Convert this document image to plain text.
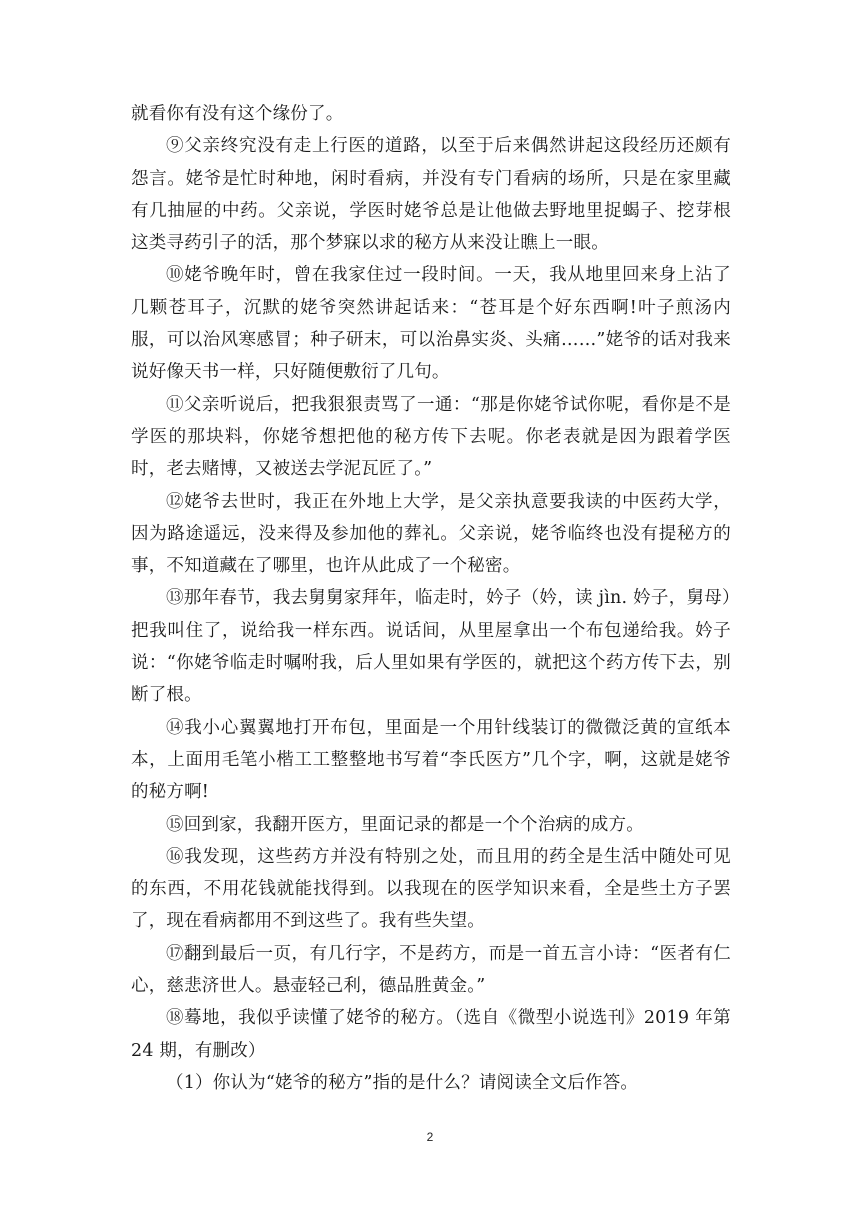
就看你有没有这个缘份了。

⑨父亲终究没有走上行医的道路，以至于后来偶然讲起这段经历还颇有怨言。姥爷是忙时种地，闲时看病，并没有专门看病的场所，只是在家里藏有几抽屉的中药。父亲说，学医时姥爷总是让他做去野地里捉蝎子、挖芽根这类寻药引子的活，那个梦寐以求的秘方从来没让瞧上一眼。

⑩姥爷晚年时，曾在我家住过一段时间。一天，我从地里回来身上沾了几颗苍耳子，沉默的姥爷突然讲起话来：“苍耳是个好东西啊!叶子煎汤内服，可以治风寒感冒；种子研末，可以治鼻实炎、头痛……”姥爷的话对我来说好像天书一样，只好随便敷衍了几句。

⑪父亲听说后，把我狠狠责骂了一通：“那是你姥爷试你呢，看你是不是学医的那块料，你姥爷想把他的秘方传下去呢。你老表就是因为跟着学医时，老去赌博，又被送去学泥瓦匠了。”

⑫姥爷去世时，我正在外地上大学，是父亲执意要我读的中医药大学，因为路途遥远，没来得及参加他的葬礼。父亲说，姥爷临终也没有提秘方的事，不知道藏在了哪里，也许从此成了一个秘密。

⑬那年春节，我去舅舅家拜年，临走时，妗子（妗，读 jìn. 妗子，舅母）把我叫住了，说给我一样东西。说话间，从里屋拿出一个布包递给我。妗子说：“你姥爷临走时嘱咐我，后人里如果有学医的，就把这个药方传下去，别断了根。

⑭我小心翼翼地打开布包，里面是一个用针线装订的微微泛黄的宣纸本本，上面用毛笔小楷工工整整地书写着“李氏医方”几个字，啊，这就是姥爷的秘方啊!

⑮回到家，我翻开医方，里面记录的都是一个个治病的成方。

⑯我发现，这些药方并没有特别之处，而且用的药全是生活中随处可见的东西，不用花钱就能找得到。以我现在的医学知识来看，全是些土方子罢了，现在看病都用不到这些了。我有些失望。

⑰翻到最后一页，有几行字，不是药方，而是一首五言小诗：“医者有仁心，慈悲济世人。悬壶轻己利，德品胜黄金。”

⑱蓦地，我似乎读懂了姥爷的秘方。（选自《微型小说选刊》2019 年第 24 期，有删改）

（1）你认为“姥爷的秘方”指的是什么？请阅读全文后作答。

2
